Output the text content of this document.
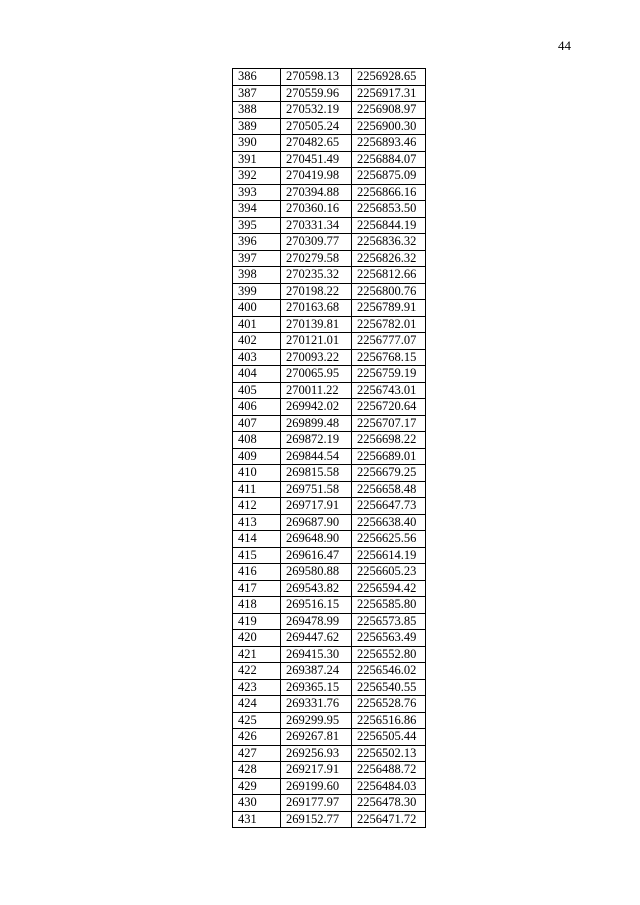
44
386	270598.13	2256928.65
387	270559.96	2256917.31
388	270532.19	2256908.97
389	270505.24	2256900.30
390	270482.65	2256893.46
391	270451.49	2256884.07
392	270419.98	2256875.09
393	270394.88	2256866.16
394	270360.16	2256853.50
395	270331.34	2256844.19
396	270309.77	2256836.32
397	270279.58	2256826.32
398	270235.32	2256812.66
399	270198.22	2256800.76
400	270163.68	2256789.91
401	270139.81	2256782.01
402	270121.01	2256777.07
403	270093.22	2256768.15
404	270065.95	2256759.19
405	270011.22	2256743.01
406	269942.02	2256720.64
407	269899.48	2256707.17
408	269872.19	2256698.22
409	269844.54	2256689.01
410	269815.58	2256679.25
411	269751.58	2256658.48
412	269717.91	2256647.73
413	269687.90	2256638.40
414	269648.90	2256625.56
415	269616.47	2256614.19
416	269580.88	2256605.23
417	269543.82	2256594.42
418	269516.15	2256585.80
419	269478.99	2256573.85
420	269447.62	2256563.49
421	269415.30	2256552.80
422	269387.24	2256546.02
423	269365.15	2256540.55
424	269331.76	2256528.76
425	269299.95	2256516.86
426	269267.81	2256505.44
427	269256.93	2256502.13
428	269217.91	2256488.72
429	269199.60	2256484.03
430	269177.97	2256478.30
431	269152.77	2256471.72
